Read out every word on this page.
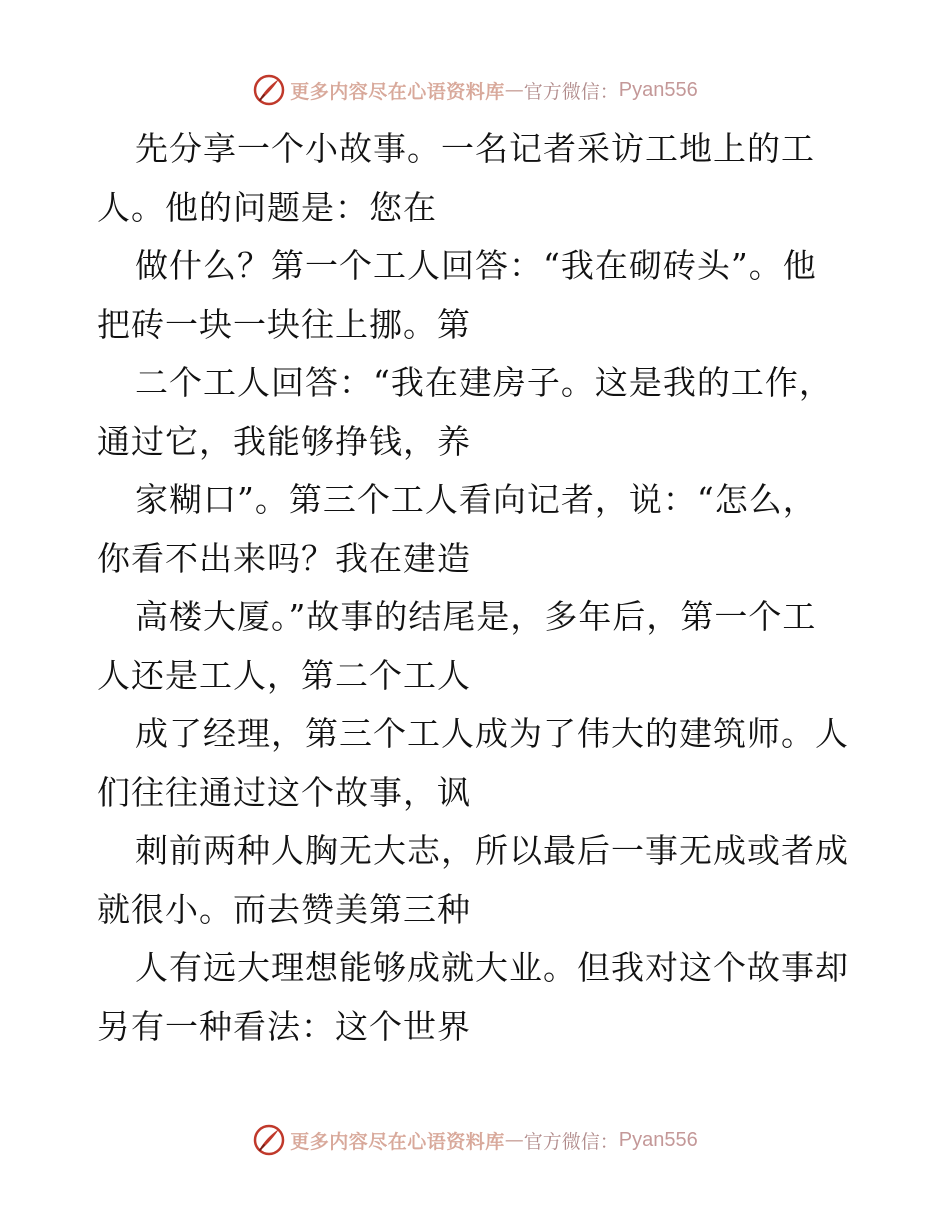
更多内容尽在心语资料库 — 官方微信： Pyan556
先分享一个小故事。一名记者采访工地上的工
人。他的问题是：您在
做什么？第一个工人回答：“我在砌砖头”。他
把砖一块一块往上挪。第
二个工人回答：“我在建房子。这是我的工作，
通过它，我能够挣钱，养
家糊口”。第三个工人看向记者，说：“怎么，
你看不出来吗？我在建造
高楼大厦。”故事的结尾是，多年后，第一个工
人还是工人，第二个工人
成了经理，第三个工人成为了伟大的建筑师。人
们往往通过这个故事，讽
刺前两种人胸无大志，所以最后一事无成或者成
就很小。而去赞美第三种
人有远大理想能够成就大业。但我对这个故事却
另有一种看法：这个世界
更多内容尽在心语资料库 — 官方微信： Pyan556
